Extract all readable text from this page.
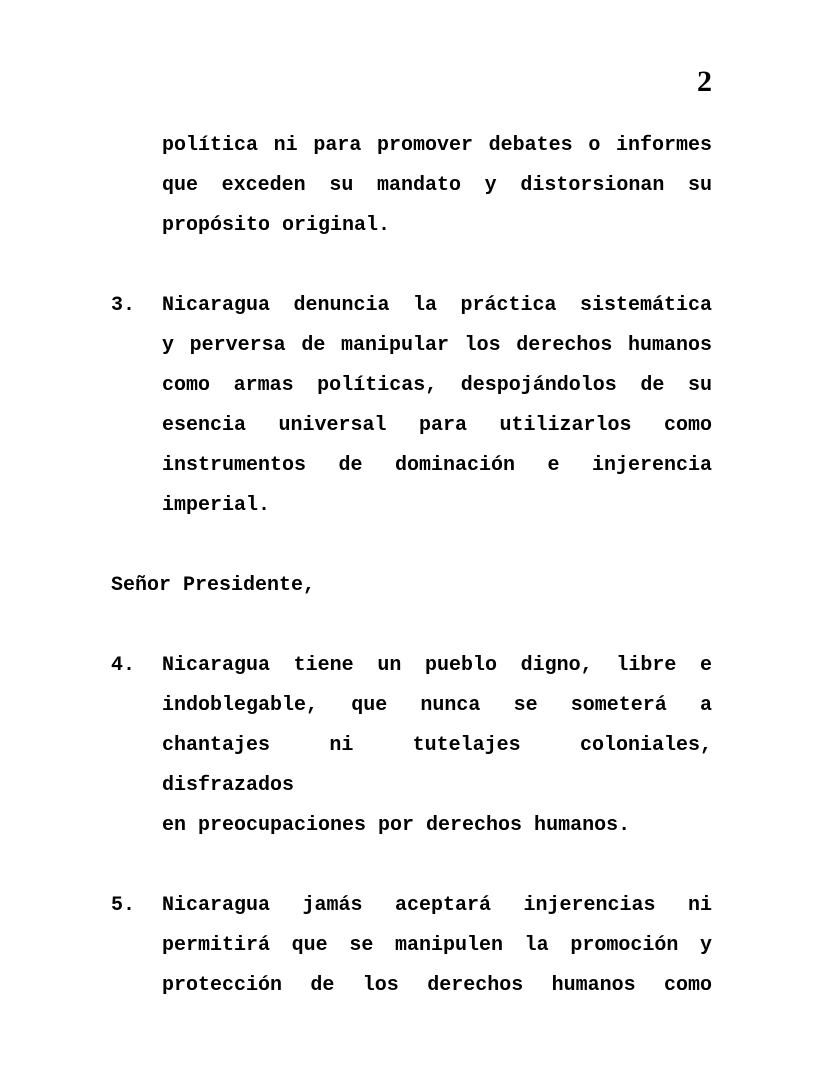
2
política ni para promover debates o informes
que exceden su mandato y distorsionan su
propósito original.
3. Nicaragua denuncia la práctica sistemática
y perversa de manipular los derechos humanos
como armas políticas, despojándolos de su
esencia universal para utilizarlos como
instrumentos de dominación e injerencia
imperial.
Señor Presidente,
4. Nicaragua tiene un pueblo digno, libre e
indoblegable, que nunca se someterá a
chantajes ni tutelajes coloniales, disfrazados
en preocupaciones por derechos humanos.
5. Nicaragua jamás aceptará injerencias ni
permitirá que se manipulen la promoción y
protección de los derechos humanos como
